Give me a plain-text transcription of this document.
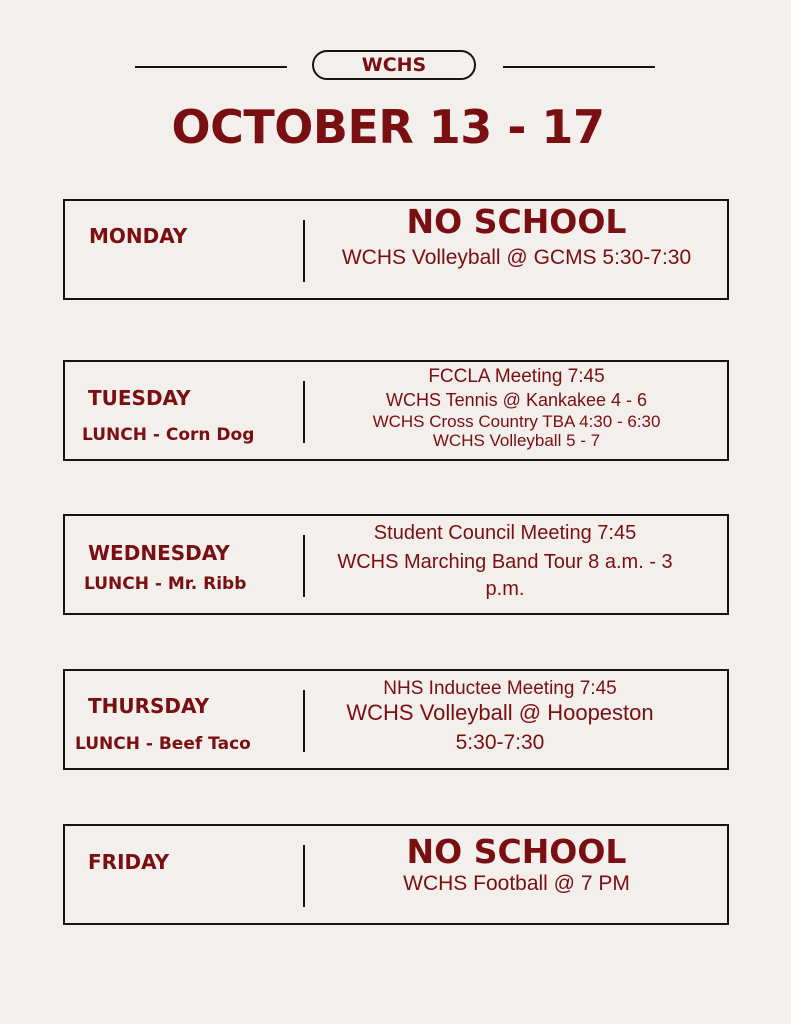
WCHS
OCTOBER 13 - 17
MONDAY	NO SCHOOL
WCHS Volleyball @ GCMS 5:30-7:30
TUESDAY
LUNCH - Corn Dog
FCCLA Meeting 7:45
WCHS Tennis @ Kankakee 4 - 6
WCHS Cross Country TBA 4:30 - 6:30
WCHS Volleyball 5 - 7
WEDNESDAY
LUNCH - Mr. Ribb
Student Council Meeting 7:45
WCHS Marching Band Tour 8 a.m. - 3
p.m.
THURSDAY
LUNCH - Beef Taco
NHS Inductee Meeting 7:45
WCHS Volleyball @ Hoopeston
5:30-7:30
FRIDAY	NO SCHOOL
WCHS Football @ 7 PM
